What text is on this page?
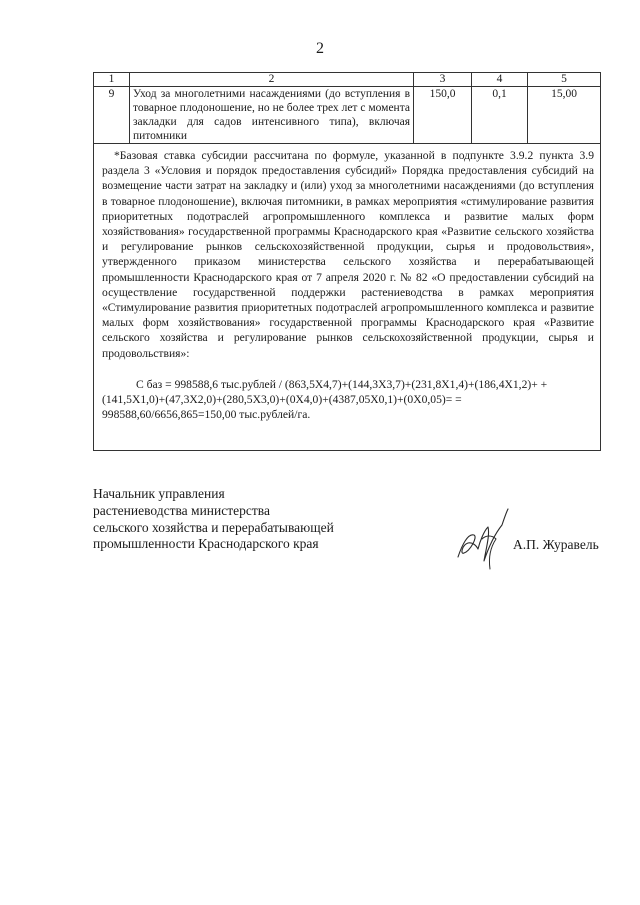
2
1	2	3	4	5
9	Уход за многолетними насаждениями (до вступления в товарное плодоношение, но не более трех лет с момента закладки для садов интенсивного типа), включая питомники	150,0	0,1	15,00

*Базовая ставка субсидии рассчитана по формуле, указанной в подпункте 3.9.2 пункта 3.9 раздела 3 «Условия и порядок предоставления субсидий» Порядка предоставления субсидий на возмещение части затрат на закладку и (или) уход за многолетними насаждениями (до вступления в товарное плодоношение), включая питомники, в рамках мероприятия «стимулирование развития приоритетных подотраслей агропромышленного комплекса и развитие малых форм хозяйствования» государственной программы Краснодарского края «Развитие сельского хозяйства и регулирование рынков сельскохозяйственной продукции, сырья и продовольствия», утвержденного приказом министерства сельского хозяйства и перерабатывающей промышленности Краснодарского края от 7 апреля 2020 г. № 82 «О предоставлении субсидий на осуществление государственной поддержки растениеводства в рамках мероприятия «Стимулирование развития приоритетных подотраслей агропромышленного комплекса и развитие малых форм хозяйствования» государственной программы Краснодарского края «Развитие сельского хозяйства и регулирование рынков сельскохозяйственной продукции, сырья и продовольствия»:

С баз = 998588,6 тыс.рублей / (863,5Х4,7)+(144,3Х3,7)+(231,8Х1,4)+(186,4Х1,2)+ +(141,5Х1,0)+(47,3Х2,0)+(280,5Х3,0)+(0Х4,0)+(4387,05Х0,1)+(0Х0,05)= = 998588,60/6656,865=150,00 тыс.рублей/га.				

Начальник управления
растениеводства министерства
сельского хозяйства и перерабатывающей
промышленности Краснодарского края	А.П. Журавель
